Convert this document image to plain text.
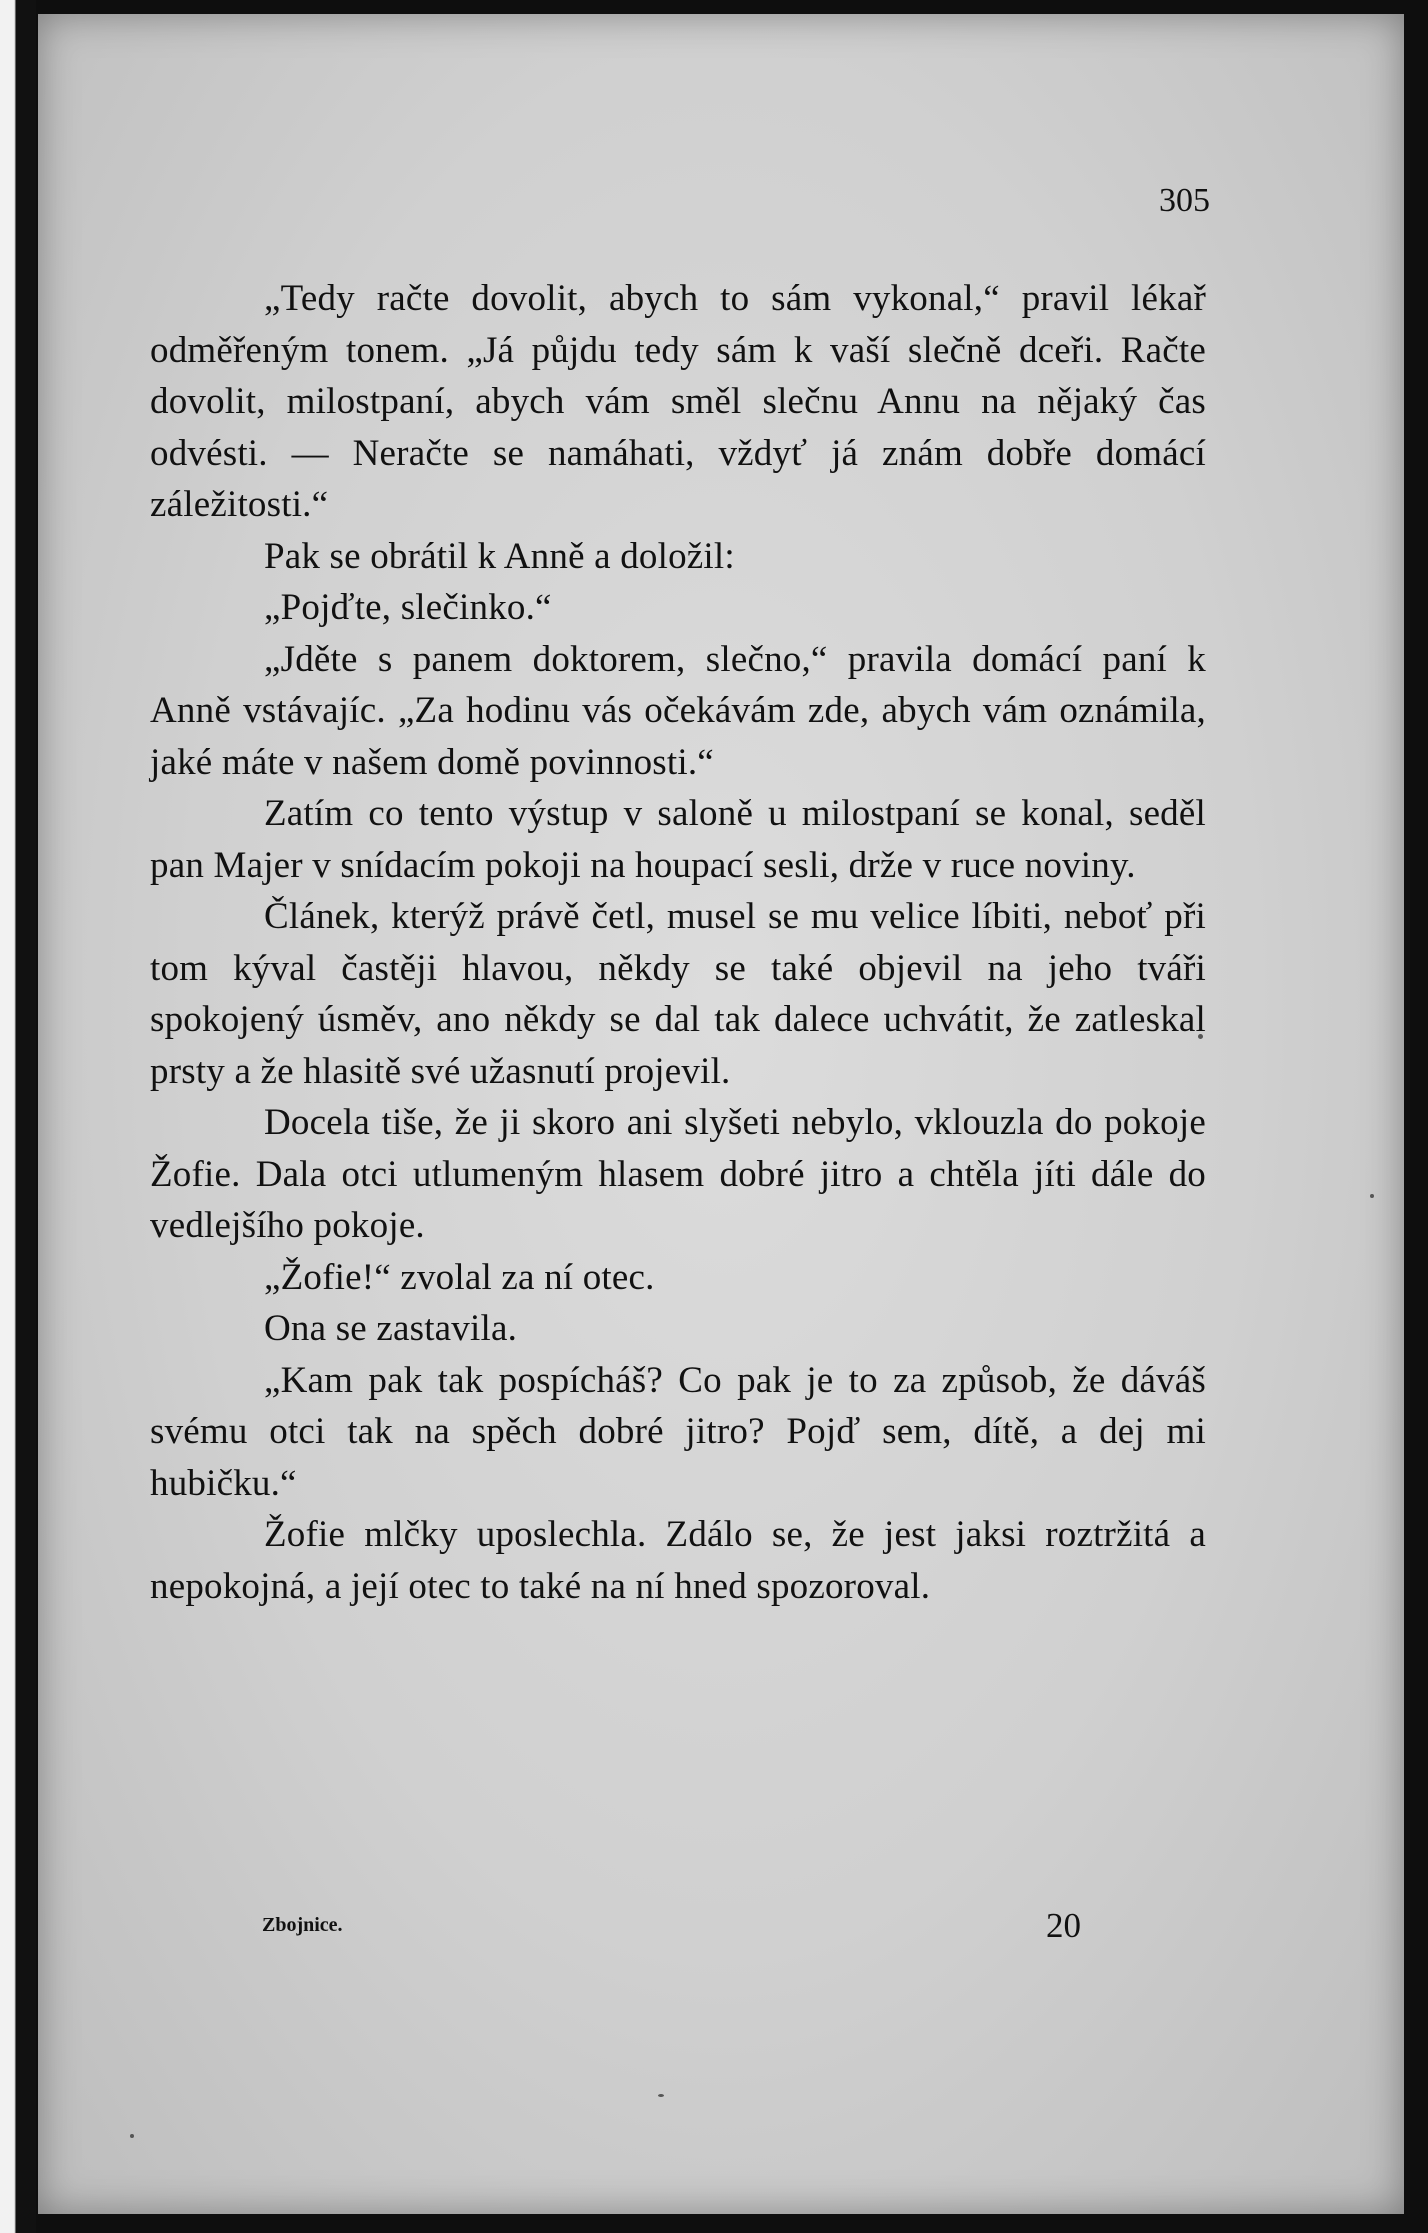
305

„Tedy račte dovolit, abych to sám vykonal,“ pravil lékař odměřeným tonem. „Já půjdu tedy sám k vaší slečně dceři. Račte dovolit, milostpaní, abych vám směl slečnu Annu na nějaký čas odvésti. — Neračte se namáhati, vždyť já znám dobře domácí záležitosti.“

Pak se obrátil k Anně a doložil:

„Pojďte, slečinko.“

„Jděte s panem doktorem, slečno,“ pravila domácí paní k Anně vstávajíc. „Za hodinu vás očekávám zde, abych vám oznámila, jaké máte v našem domě povinnosti.“

Zatím co tento výstup v saloně u milostpaní se konal, seděl pan Majer v snídacím pokoji na houpací sesli, drže v ruce noviny.

Článek, kterýž právě četl, musel se mu velice líbiti, neboť při tom kýval častěji hlavou, někdy se také objevil na jeho tváři spokojený úsměv, ano někdy se dal tak dalece uchvátit, že zatleskal prsty a že hlasitě své užasnutí projevil.

Docela tiše, že ji skoro ani slyšeti nebylo, vklouzla do pokoje Žofie. Dala otci utlumeným hlasem dobré jitro a chtěla jíti dále do vedlejšího pokoje.

„Žofie!“ zvolal za ní otec.

Ona se zastavila.

„Kam pak tak pospícháš? Co pak je to za způsob, že dáváš svému otci tak na spěch dobré jitro? Pojď sem, dítě, a dej mi hubičku.“

Žofie mlčky uposlechla. Zdálo se, že jest jaksi roztržitá a nepokojná, a její otec to také na ní hned spozoroval.

Zbojnice.	20
